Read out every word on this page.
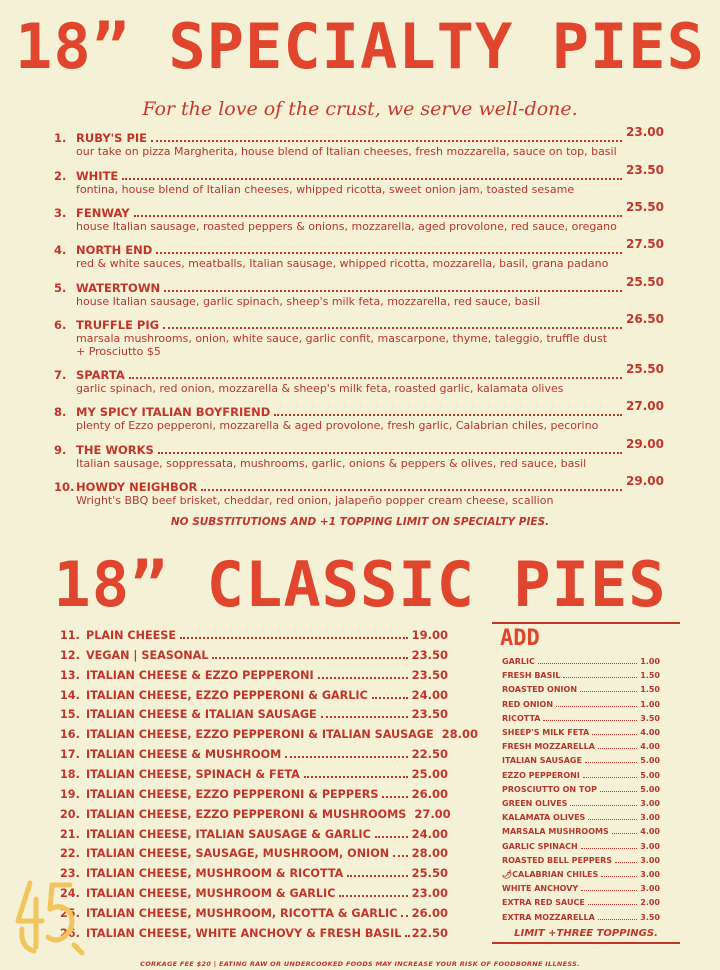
18” SPECIALTY PIES
For the love of the crust, we serve well-done.
1. RUBY'S PIE	23.00
our take on pizza Margherita, house blend of Italian cheeses, fresh mozzarella, sauce on top, basil
2. WHITE	23.50
fontina, house blend of Italian cheeses, whipped ricotta, sweet onion jam, toasted sesame
3. FENWAY	25.50
house Italian sausage, roasted peppers & onions, mozzarella, aged provolone, red sauce, oregano
4. NORTH END	27.50
red & white sauces, meatballs, Italian sausage, whipped ricotta, mozzarella, basil, grana padano
5. WATERTOWN	25.50
house Italian sausage, garlic spinach, sheep's milk feta, mozzarella, red sauce, basil
6. TRUFFLE PIG	26.50
marsala mushrooms, onion, white sauce, garlic confit, mascarpone, thyme, taleggio, truffle dust
+ Prosciutto $5
7. SPARTA	25.50
garlic spinach, red onion, mozzarella & sheep's milk feta, roasted garlic, kalamata olives
8. MY SPICY ITALIAN BOYFRIEND	27.00
plenty of Ezzo pepperoni, mozzarella & aged provolone, fresh garlic, Calabrian chiles, pecorino
9. THE WORKS	29.00
Italian sausage, soppressata, mushrooms, garlic, onions & peppers & olives, red sauce, basil
10. HOWDY NEIGHBOR	29.00
Wright's BBQ beef brisket, cheddar, red onion, jalapeño popper cream cheese, scallion
NO SUBSTITUTIONS AND +1 TOPPING LIMIT ON SPECIALTY PIES.
18” CLASSIC PIES
11. PLAIN CHEESE	19.00
12. VEGAN | SEASONAL	23.50
13. ITALIAN CHEESE & EZZO PEPPERONI	23.50
14. ITALIAN CHEESE, EZZO PEPPERONI & GARLIC	24.00
15. ITALIAN CHEESE & ITALIAN SAUSAGE	23.50
16. ITALIAN CHEESE, EZZO PEPPERONI & ITALIAN SAUSAGE 28.00
17. ITALIAN CHEESE & MUSHROOM	22.50
18. ITALIAN CHEESE, SPINACH & FETA	25.00
19. ITALIAN CHEESE, EZZO PEPPERONI & PEPPERS	26.00
20. ITALIAN CHEESE, EZZO PEPPERONI & MUSHROOMS 27.00
21. ITALIAN CHEESE, ITALIAN SAUSAGE & GARLIC	24.00
22. ITALIAN CHEESE, SAUSAGE, MUSHROOM, ONION 28.00
23. ITALIAN CHEESE, MUSHROOM & RICOTTA	25.50
24. ITALIAN CHEESE, MUSHROOM & GARLIC	23.00
25. ITALIAN CHEESE, MUSHROOM, RICOTTA & GARLIC 26.00
26. ITALIAN CHEESE, WHITE ANCHOVY & FRESH BASIL 22.50
ADD
GARLIC	1.00
FRESH BASIL	1.50
ROASTED ONION	1.50
RED ONION	1.00
RICOTTA	3.50
SHEEP'S MILK FETA	4.00
FRESH MOZZARELLA	4.00
ITALIAN SAUSAGE	5.00
EZZO PEPPERONI	5.00
PROSCIUTTO ON TOP	5.00
GREEN OLIVES	3.00
KALAMATA OLIVES	3.00
MARSALA MUSHROOMS	4.00
GARLIC SPINACH	3.00
ROASTED BELL PEPPERS	3.00
🌶CALABRIAN CHILES	3.00
WHITE ANCHOVY	3.00
EXTRA RED SAUCE	2.00
EXTRA MOZZARELLA	3.50
LIMIT +THREE TOPPINGS.
CORKAGE FEE $20 | EATING RAW OR UNDERCOOKED FOODS MAY INCREASE YOUR RISK OF FOODBORNE ILLNESS.
